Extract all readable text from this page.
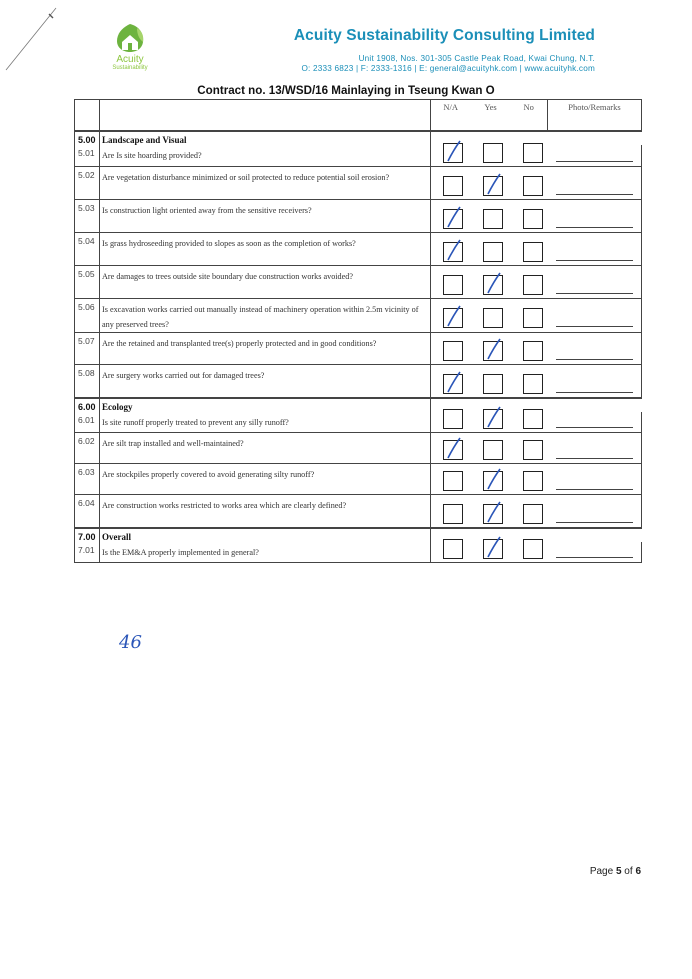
Acuity
Sustainability
Acuity Sustainability Consulting Limited
Unit 1908, Nos. 301-305 Castle Peak Road, Kwai Chung, N.T.
O: 2333 6823 | F: 2333-1316 | E: general@acuityhk.com | www.acuityhk.com
Contract no. 13/WSD/16 Mainlaying in Tseung Kwan O

		N/A	Yes	No	Photo/Remarks

5.00	Landscape and Visual				

5.01	Are Is site hoarding provided?

5.02	Are vegetation disturbance minimized or soil protected to reduce potential soil erosion?

5.03	Is construction light oriented away from the sensitive receivers?

5.04	Is grass hydroseeding provided to slopes as soon as the completion of works?

5.05	Are damages to trees outside site boundary due construction works avoided?

5.06	Is excavation works carried out manually instead of machinery operation within 2.5m vicinity of any preserved trees?

5.07	Are the retained and transplanted tree(s) properly protected and in good conditions?

5.08	Are surgery works carried out for damaged trees?

6.00	Ecology				

6.01	Is site runoff properly treated to prevent any silly runoff?

6.02	Are silt trap installed and well-maintained?

6.03	Are stockpiles properly covered to avoid generating silty runoff?

6.04	Are construction works restricted to works area which are clearly defined?

7.00	Overall				

7.01	Is the EM&A properly implemented in general?

46
Page 5 of 6
